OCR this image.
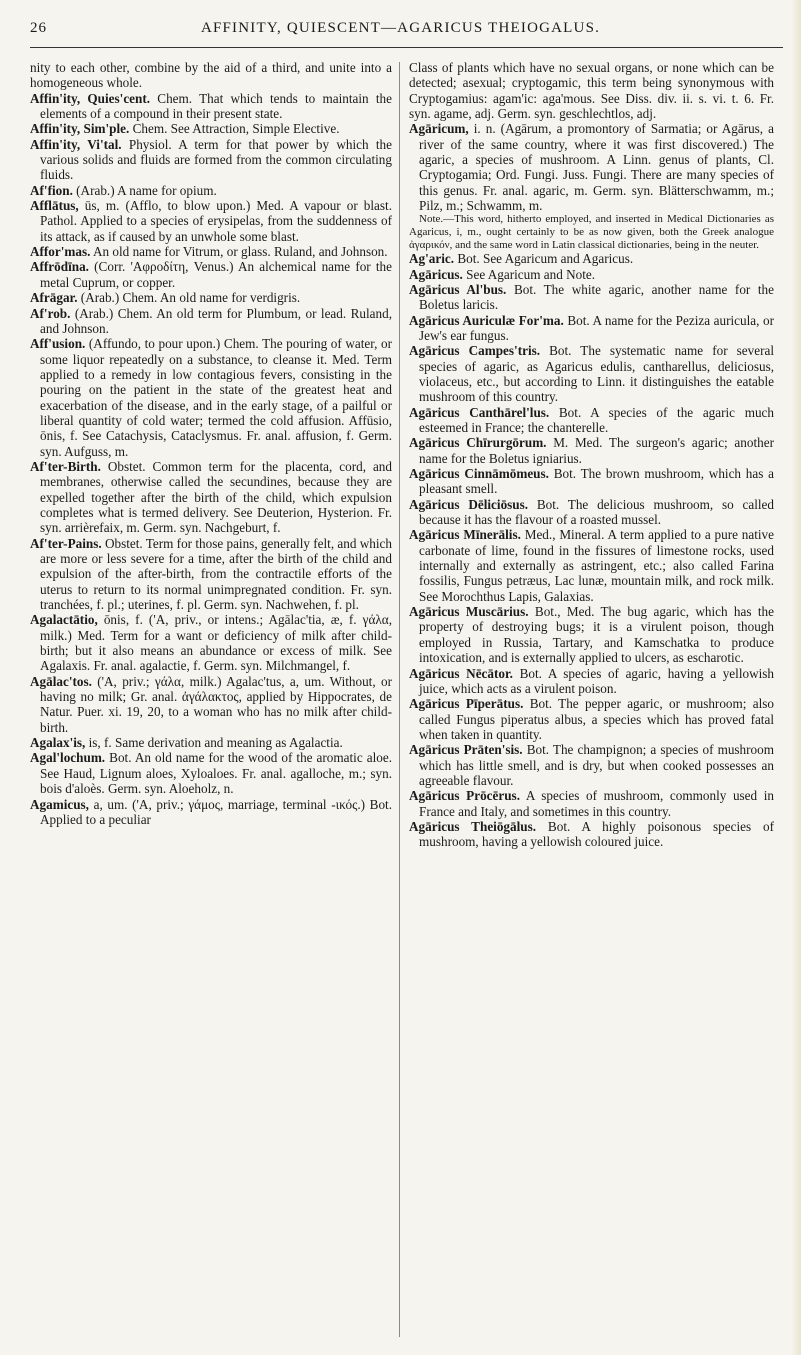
26	AFFINITY, QUIESCENT—AGARICUS THEIOGALUS.

nity to each other, combine by the aid of a third, and unite into a homogeneous whole.

Affin'ity, Quies'cent. Chem. That which tends to maintain the elements of a compound in their present state.

Affin'ity, Sim'ple. Chem. See Attraction, Simple Elective.

Affin'ity, Vi'tal. Physiol. A term for that power by which the various solids and fluids are formed from the common circulating fluids.

Af'fion. (Arab.) A name for opium.

Afflātus, ūs, m. (Afflo, to blow upon.) Med. A vapour or blast. Pathol. Applied to a species of erysipelas, from the suddenness of its attack, as if caused by an unwhole some blast.

Affor'mas. An old name for Vitrum, or glass. Ruland, and Johnson.

Affrōdīna. (Corr. 'Αφροδίτη, Venus.) An alchemical name for the metal Cuprum, or copper.

Afrāgar. (Arab.) Chem. An old name for verdigris.

Af'rob. (Arab.) Chem. An old term for Plumbum, or lead. Ruland, and Johnson.

Aff'usion. (Affundo, to pour upon.) Chem. The pouring of water, or some liquor repeatedly on a substance, to cleanse it. Med. Term applied to a remedy in low contagious fevers, consisting in the pouring on the patient in the state of the greatest heat and exacerbation of the disease, and in the early stage, of a pailful or liberal quantity of cold water; termed the cold affusion. Affūsio, ōnis, f. See Catachysis, Cataclysmus. Fr. anal. affusion, f. Germ. syn. Aufguss, m.

Af'ter-Birth. Obstet. Common term for the placenta, cord, and membranes, otherwise called the secundines, because they are expelled together after the birth of the child, which expulsion completes what is termed delivery. See Deuterion, Hysterion. Fr. syn. arrièrefaix, m. Germ. syn. Nachgeburt, f.

Af'ter-Pains. Obstet. Term for those pains, generally felt, and which are more or less severe for a time, after the birth of the child and expulsion of the after-birth, from the contractile efforts of the uterus to return to its normal unimpregnated condition. Fr. syn. tranchées, f. pl.; uterines, f. pl. Germ. syn. Nachwehen, f. pl.

Agalactātio, ōnis, f. ('Α, priv., or intens.; Agālac'tia, æ, f. γάλα, milk.) Med. Term for a want or deficiency of milk after child-birth; but it also means an abundance or excess of milk. See Agalaxis. Fr. anal. agalactie, f. Germ. syn. Milchmangel, f.

Agālac'tos. ('A, priv.; γάλα, milk.) Agalac'tus, a, um. Without, or having no milk; Gr. anal. ἀγάλακτος, applied by Hippocrates, de Natur. Puer. xi. 19, 20, to a woman who has no milk after child-birth.

Agalax'is, is, f. Same derivation and meaning as Agalactia.

Agal'lochum. Bot. An old name for the wood of the aromatic aloe. See Haud, Lignum aloes, Xyloaloes. Fr. anal. agalloche, m.; syn. bois d'aloès. Germ. syn. Aloeholz, n.

Agamicus, a, um. ('A, priv.; γάμος, marriage, terminal -ικός.) Bot. Applied to a peculiar

Class of plants which have no sexual organs, or none which can be detected; asexual; cryptogamic, this term being synonymous with Cryptogamius: agam'ic: aga'mous. See Diss. div. ii. s. vi. t. 6. Fr. syn. agame, adj. Germ. syn. geschlechtlos, adj.

Agāricum, i. n. (Agārum, a promontory of Sarmatia; or Agārus, a river of the same country, where it was first discovered.) The agaric, a species of mushroom. A Linn. genus of plants, Cl. Cryptogamia; Ord. Fungi. Juss. Fungi. There are many species of this genus. Fr. anal. agaric, m. Germ. syn. Blätterschwamm, m.; Pilz, m.; Schwamm, m.

Note.—This word, hitherto employed, and inserted in Medical Dictionaries as Agaricus, i, m., ought certainly to be as now given, both the Greek analogue ἀγαρικόν, and the same word in Latin classical dictionaries, being in the neuter.

Ag'aric. Bot. See Agaricum and Agaricus.

Agāricus. See Agaricum and Note.

Agāricus Al'bus. Bot. The white agaric, another name for the Boletus laricis.

Agāricus Auriculæ For'ma. Bot. A name for the Peziza auricula, or Jew's ear fungus.

Agāricus Campes'tris. Bot. The systematic name for several species of agaric, as Agaricus edulis, cantharellus, deliciosus, violaceus, etc., but according to Linn. it distinguishes the eatable mushroom of this country.

Agāricus Canthārel'lus. Bot. A species of the agaric much esteemed in France; the chanterelle.

Agāricus Chīrurgōrum. M. Med. The surgeon's agaric; another name for the Boletus igniarius.

Agāricus Cinnāmōmeus. Bot. The brown mushroom, which has a pleasant smell.

Agāricus Dēliciōsus. Bot. The delicious mushroom, so called because it has the flavour of a roasted mussel.

Agāricus Mīnerālis. Med., Mineral. A term applied to a pure native carbonate of lime, found in the fissures of limestone rocks, used internally and externally as astringent, etc.; also called Farina fossilis, Fungus petræus, Lac lunæ, mountain milk, and rock milk. See Morochthus Lapis, Galaxias.

Agāricus Muscārius. Bot., Med. The bug agaric, which has the property of destroying bugs; it is a virulent poison, though employed in Russia, Tartary, and Kamschatka to produce intoxication, and is externally applied to ulcers, as escharotic.

Agāricus Nēcātor. Bot. A species of agaric, having a yellowish juice, which acts as a virulent poison.

Agāricus Pīperātus. Bot. The pepper agaric, or mushroom; also called Fungus piperatus albus, a species which has proved fatal when taken in quantity.

Agāricus Prāten'sis. Bot. The champignon; a species of mushroom which has little smell, and is dry, but when cooked possesses an agreeable flavour.

Agāricus Prōcērus. A species of mushroom, commonly used in France and Italy, and sometimes in this country.

Agāricus Theiōgālus. Bot. A highly poisonous species of mushroom, having a yellowish coloured juice.
